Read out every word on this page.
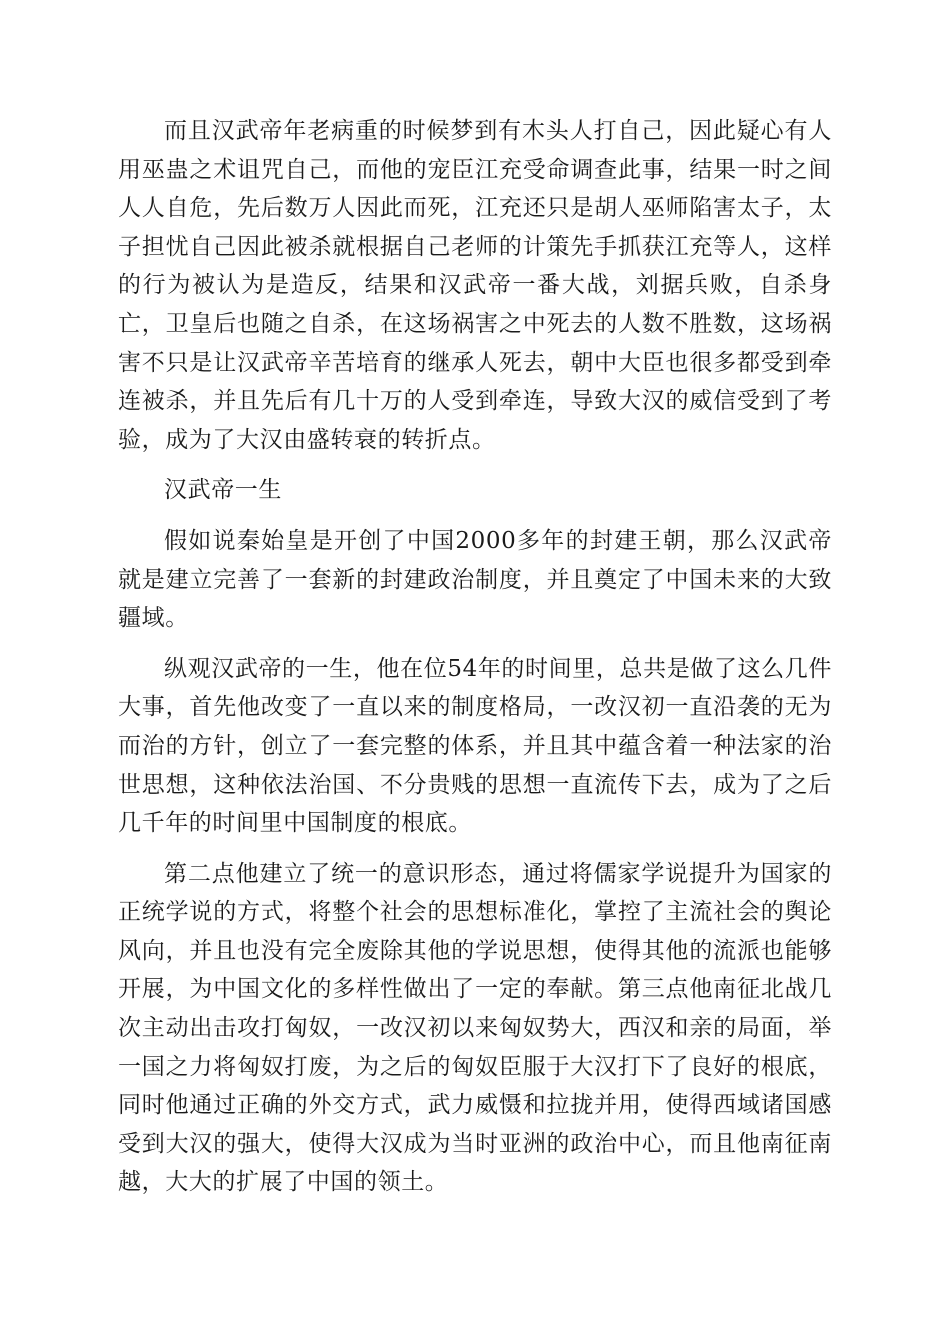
而且汉武帝年老病重的时候梦到有木头人打自己，因此疑心有人用巫蛊之术诅咒自己，而他的宠臣江充受命调查此事，结果一时之间人人自危，先后数万人因此而死，江充还只是胡人巫师陷害太子，太子担忧自己因此被杀就根据自己老师的计策先手抓获江充等人，这样的行为被认为是造反，结果和汉武帝一番大战，刘据兵败，自杀身亡，卫皇后也随之自杀，在这场祸害之中死去的人数不胜数，这场祸害不只是让汉武帝辛苦培育的继承人死去，朝中大臣也很多都受到牵连被杀，并且先后有几十万的人受到牵连，导致大汉的威信受到了考验，成为了大汉由盛转衰的转折点。

汉武帝一生

假如说秦始皇是开创了中国2000多年的封建王朝，那么汉武帝就是建立完善了一套新的封建政治制度，并且奠定了中国未来的大致疆域。

纵观汉武帝的一生，他在位54年的时间里，总共是做了这么几件大事，首先他改变了一直以来的制度格局，一改汉初一直沿袭的无为而治的方针，创立了一套完整的体系，并且其中蕴含着一种法家的治世思想，这种依法治国、不分贵贱的思想一直流传下去，成为了之后几千年的时间里中国制度的根底。

第二点他建立了统一的意识形态，通过将儒家学说提升为国家的正统学说的方式，将整个社会的思想标准化，掌控了主流社会的舆论风向，并且也没有完全废除其他的学说思想，使得其他的流派也能够开展，为中国文化的多样性做出了一定的奉献。第三点他南征北战几次主动出击攻打匈奴，一改汉初以来匈奴势大，西汉和亲的局面，举一国之力将匈奴打废，为之后的匈奴臣服于大汉打下了良好的根底，同时他通过正确的外交方式，武力威慑和拉拢并用，使得西域诸国感受到大汉的强大，使得大汉成为当时亚洲的政治中心，而且他南征南越，大大的扩展了中国的领土。
